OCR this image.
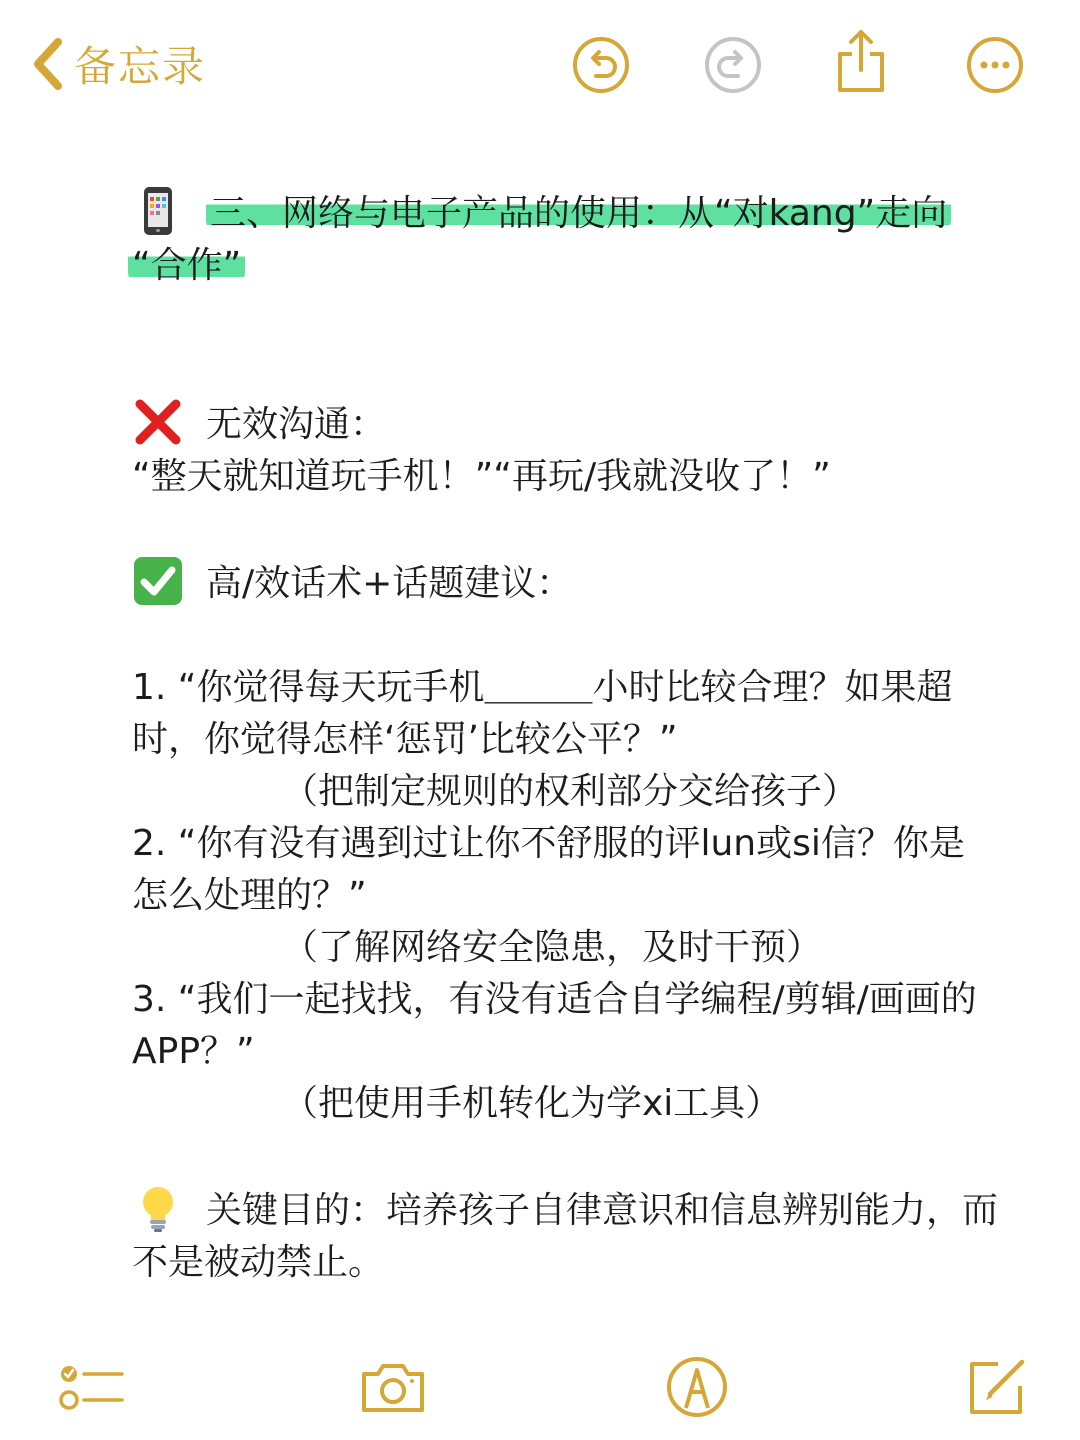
备忘录
三、网络与电子产品的使用：从“对kang”走向
“合作”
无效沟通：
“整天就知道玩手机！”“再玩/我就没收了！”
高/效话术+话题建议：
1. “你觉得每天玩手机＿＿＿小时比较合理？如果超
时，你觉得怎样‘惩罚’比较公平？”
（把制定规则的权利部分交给孩子）
2. “你有没有遇到过让你不舒服的评lun或si信？你是
怎么处理的？”
（了解网络安全隐患，及时干预）
3. “我们一起找找，有没有适合自学编程/剪辑/画画的
APP？”
（把使用手机转化为学xi工具）
关键目的：培养孩子自律意识和信息辨别能力，而
不是被动禁止。
